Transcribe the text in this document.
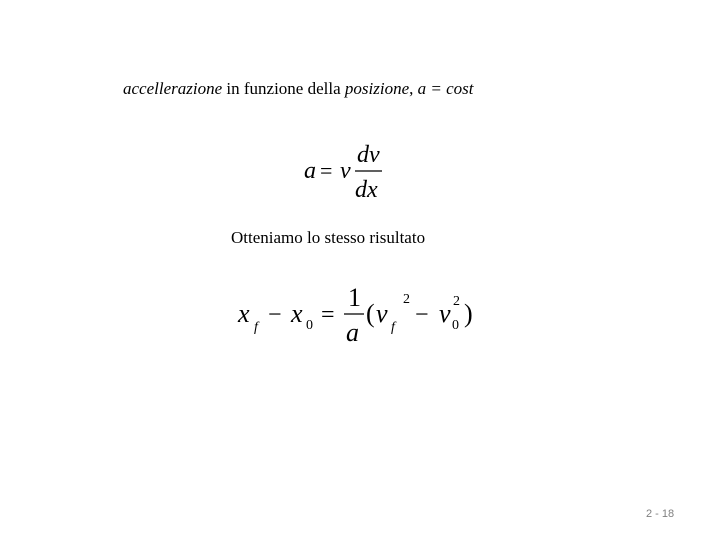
accellerazione in funzione della posizione, a = cost
a = v
dv
dx
Otteniamo lo stesso risultato
x f − x 0 =
1
a
( v f
2
− v 0
2 )
2 - 18
